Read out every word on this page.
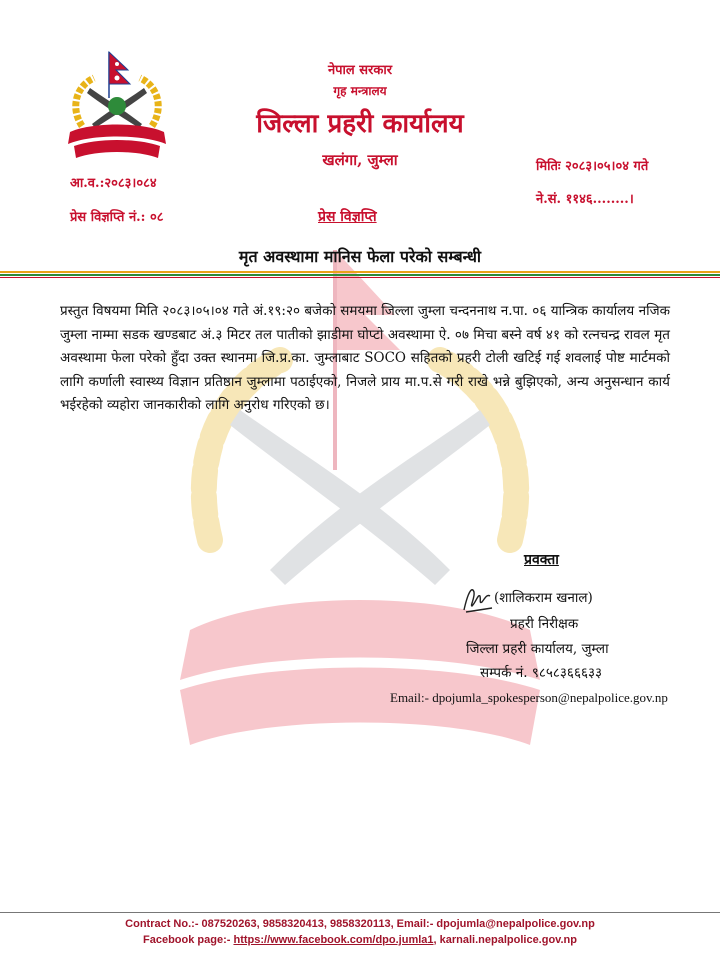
नेपाल सरकार
गृह मन्त्रालय
जिल्ला प्रहरी कार्यालय
खलंगा, जुम्ला
आ.व.:२०८३।०८४
प्रेस विज्ञप्ति नं.: ०८
मितिः २०८३।०५।०४ गते
ने.सं. ११४६........।
प्रेस विज्ञप्ति
मृत अवस्थामा मानिस फेला परेको सम्बन्धी

प्रस्तुत विषयमा मिति २०८३।०५।०४ गते अं.१९:२० बजेको समयमा जिल्ला जुम्ला चन्दननाथ न.पा. ०६ यान्त्रिक कार्यालय नजिक जुम्ला नाम्मा सडक खण्डबाट अं.३ मिटर तल पातीको झाडीमा घोप्टो अवस्थामा ऐ. ०७ मिचा बस्ने वर्ष ४१ को रत्नचन्द्र रावल मृत अवस्थामा फेला परेको हुँदा उक्त स्थानमा जि.प्र.का. जुम्लाबाट SOCO सहितको प्रहरी टोली खटिई गई शवलाई पोष्ट मार्टमको लागि कर्णाली स्वास्थ्य विज्ञान प्रतिष्ठान जुम्लामा पठाईएको, निजले प्राय मा.प.से गरी राखे भन्ने बुझिएको, अन्य अनुसन्धान कार्य भईरहेको व्यहोरा जानकारीको लागि अनुरोध गरिएको छ।

प्रवक्ता
(शालिकराम खनाल)
प्रहरी निरीक्षक
जिल्ला प्रहरी कार्यालय, जुम्ला
सम्पर्क नं. ९८५८३६६६३३
Email:- dpojumla_spokesperson@nepalpolice.gov.np
Contract No.:- 087520263, 9858320413, 9858320113, Email:- dpojumla@nepalpolice.gov.np
Facebook page:- https://www.facebook.com/dpo.jumla1, karnali.nepalpolice.gov.np
